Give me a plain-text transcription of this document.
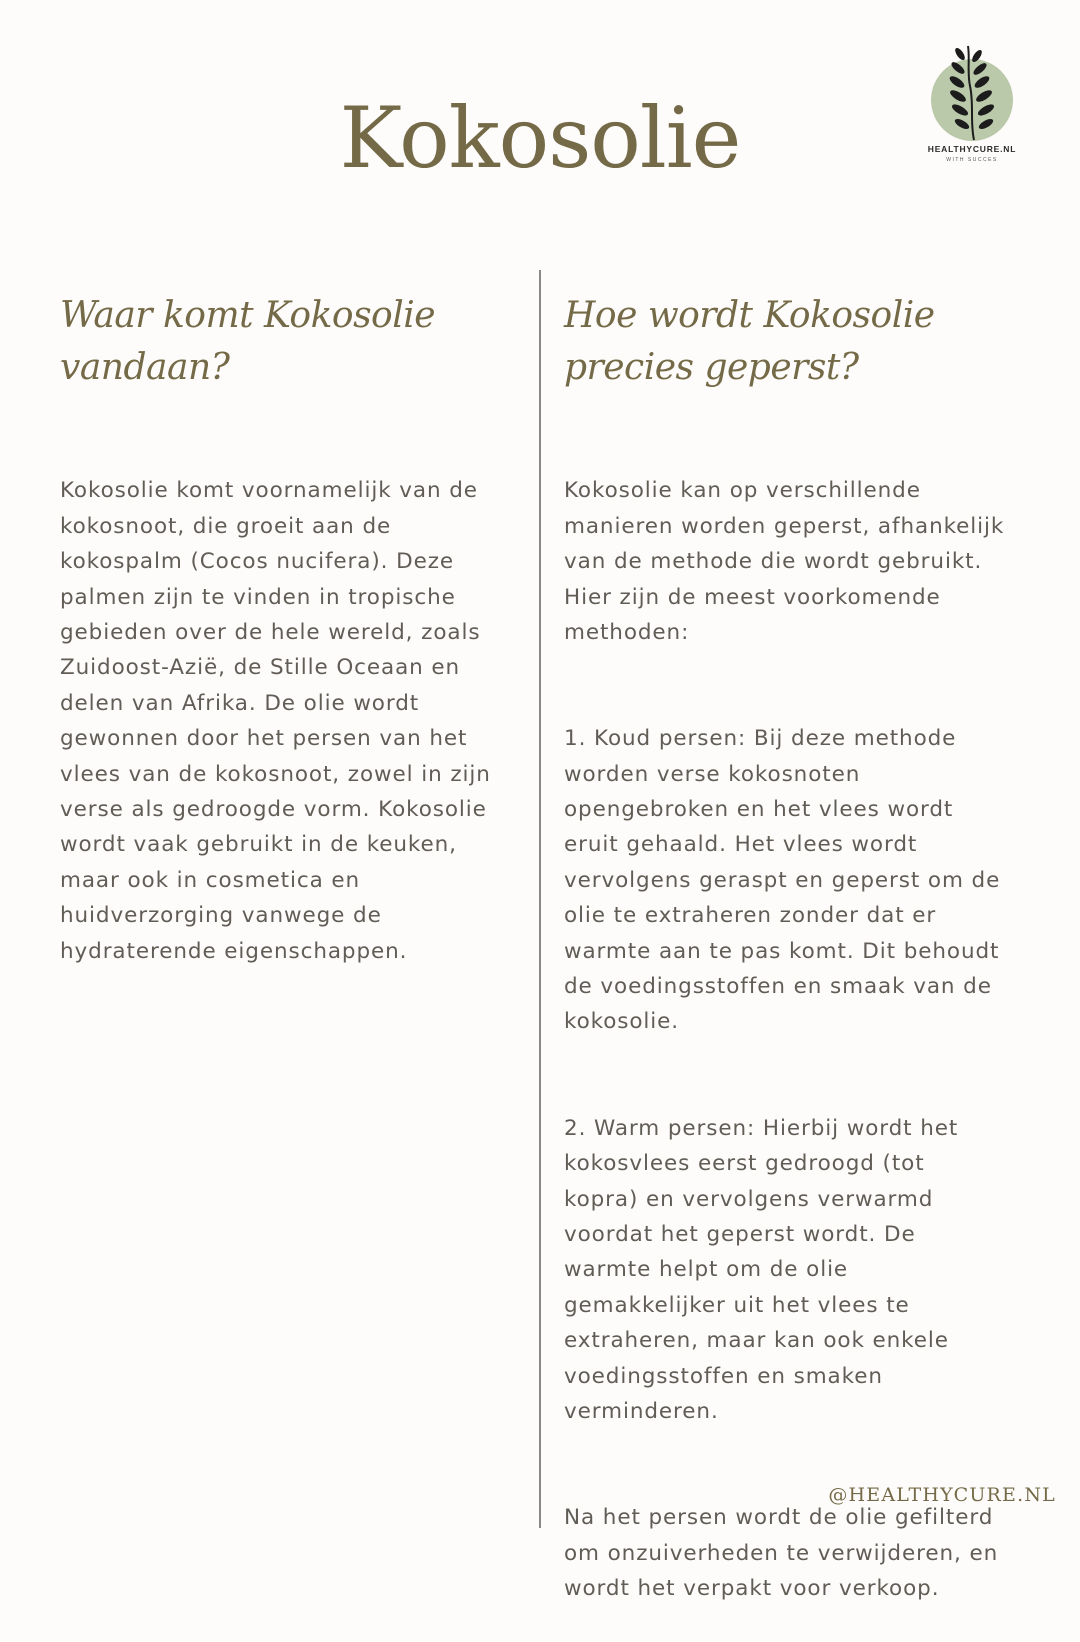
Kokosolie	HEALTHYCURE.NL
WITH SUCCES
Waar komt Kokosolie
vandaan?

Kokosolie komt voornamelijk van de
kokosnoot, die groeit aan de
kokospalm (Cocos nucifera). Deze
palmen zijn te vinden in tropische
gebieden over de hele wereld, zoals
Zuidoost-Azië, de Stille Oceaan en
delen van Afrika. De olie wordt
gewonnen door het persen van het
vlees van de kokosnoot, zowel in zijn
verse als gedroogde vorm. Kokosolie
wordt vaak gebruikt in de keuken,
maar ook in cosmetica en
huidverzorging vanwege de
hydraterende eigenschappen.

Hoe wordt Kokosolie
precies geperst?

Kokosolie kan op verschillende
manieren worden geperst, afhankelijk
van de methode die wordt gebruikt.
Hier zijn de meest voorkomende
methoden:

1. Koud persen: Bij deze methode
worden verse kokosnoten
opengebroken en het vlees wordt
eruit gehaald. Het vlees wordt
vervolgens geraspt en geperst om de
olie te extraheren zonder dat er
warmte aan te pas komt. Dit behoudt
de voedingsstoffen en smaak van de
kokosolie.

2. Warm persen: Hierbij wordt het
kokosvlees eerst gedroogd (tot
kopra) en vervolgens verwarmd
voordat het geperst wordt. De
warmte helpt om de olie
gemakkelijker uit het vlees te
extraheren, maar kan ook enkele
voedingsstoffen en smaken
verminderen.

Na het persen wordt de olie gefilterd
om onzuiverheden te verwijderen, en
wordt het verpakt voor verkoop.

@HEALTHYCURE.NL
